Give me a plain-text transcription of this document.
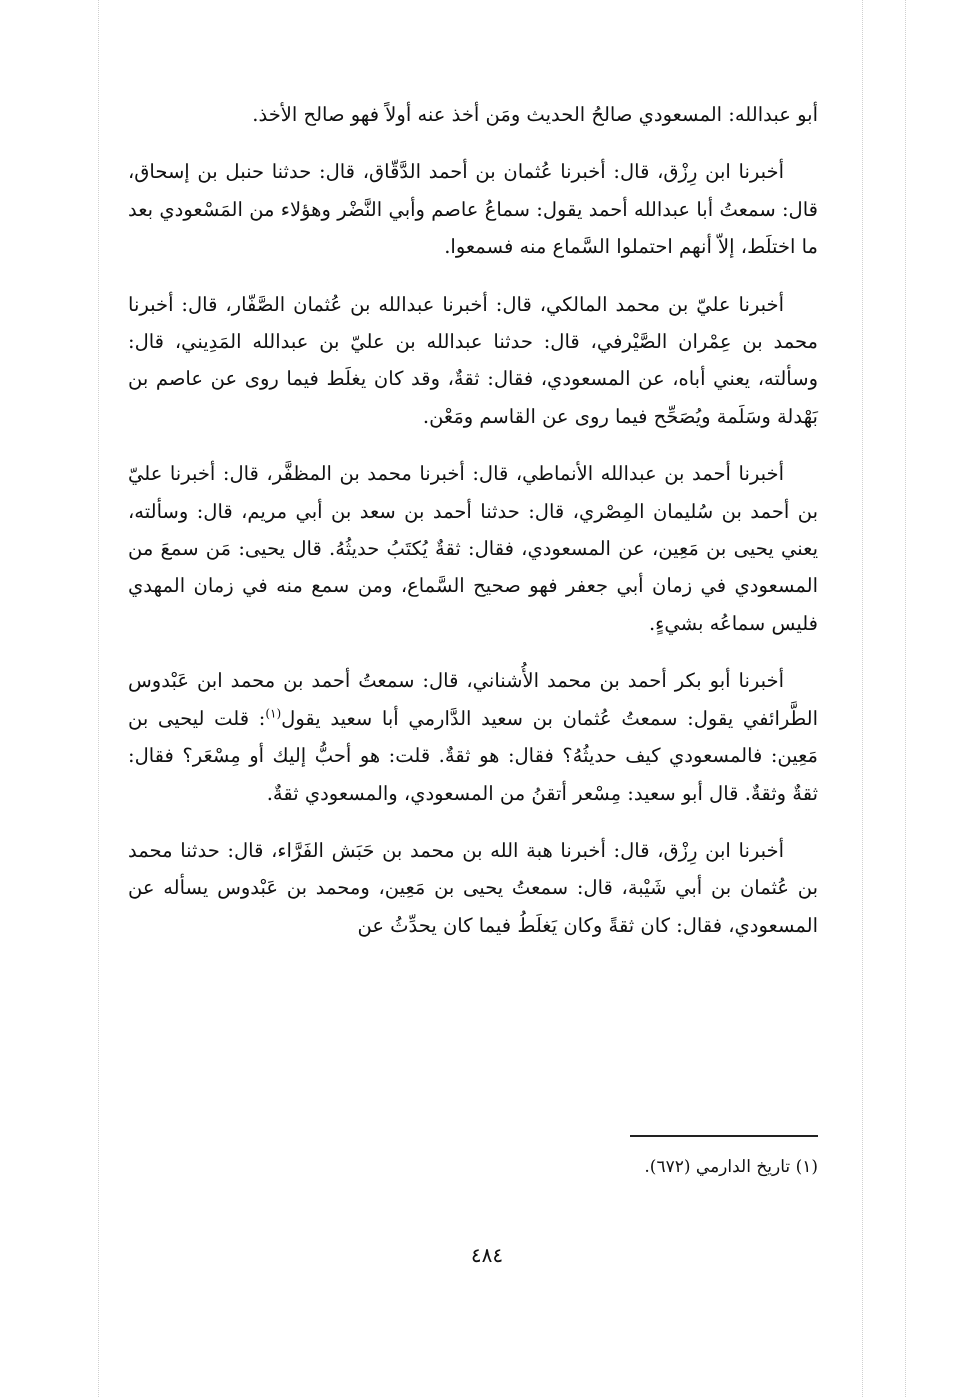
أبو عبدالله: المسعودي صالحُ الحديث ومَن أخذ عنه أولاً فهو صالح الأخذ.

أخبرنا ابن رِزْق، قال: أخبرنا عُثمان بن أحمد الدَّقّاق، قال: حدثنا حنبل بن إسحاق، قال: سمعتُ أبا عبدالله أحمد يقول: سماعُ عاصم وأبي النَّضْر وهؤلاء من المَسْعودي بعد ما اختلَط، إلاّ أنهم احتملوا السَّماع منه فسمعوا.

أخبرنا عليّ بن محمد المالكي، قال: أخبرنا عبدالله بن عُثمان الصَّفّار، قال: أخبرنا محمد بن عِمْران الصَّيْرفي، قال: حدثنا عبدالله بن عليّ بن عبدالله المَدِيني، قال: وسألته، يعني أباه، عن المسعودي، فقال: ثقةٌ، وقد كان يغلَط فيما روى عن عاصم بن بَهْدلة وسَلَمة ويُصَحِّح فيما روى عن القاسم ومَعْن.

أخبرنا أحمد بن عبدالله الأنماطي، قال: أخبرنا محمد بن المظفَّر، قال: أخبرنا عليّ بن أحمد بن سُليمان المِصْري، قال: حدثنا أحمد بن سعد بن أبي مريم، قال: وسألته، يعني يحيى بن مَعِين، عن المسعودي، فقال: ثقةٌ يُكتَبُ حديثُهُ. قال يحيى: مَن سمعَ من المسعودي في زمان أبي جعفر فهو صحيح السَّماع، ومن سمع منه في زمان المهدي فليس سماعُه بشيءٍ.

أخبرنا أبو بكر أحمد بن محمد الأُشناني، قال: سمعتُ أحمد بن محمد ابن عَبْدوس الطَّرائفي يقول: سمعتُ عُثمان بن سعيد الدَّارمي أبا سعيد يقول$^{(١)}$: قلت ليحيى بن مَعِين: فالمسعودي كيف حديثُهُ؟ فقال: هو ثقةٌ. قلت: هو أحبُّ إليك أو مِسْعَر؟ فقال: ثقةٌ وثقةٌ. قال أبو سعيد: مِسْعر أتقنُ من المسعودي، والمسعودي ثقةٌ.

أخبرنا ابن رِزْق، قال: أخبرنا هبة الله بن محمد بن حَبَش الفَرَّاء، قال: حدثنا محمد بن عُثمان بن أبي شَيْبة، قال: سمعتُ يحيى بن مَعِين، ومحمد بن عَبْدوس يسأله عن المسعودي، فقال: كان ثقةً وكان يَغلَطُ فيما كان يحدِّثُ عن

(١) تاريخ الدارمي (٦٧٢).
٤٨٤
